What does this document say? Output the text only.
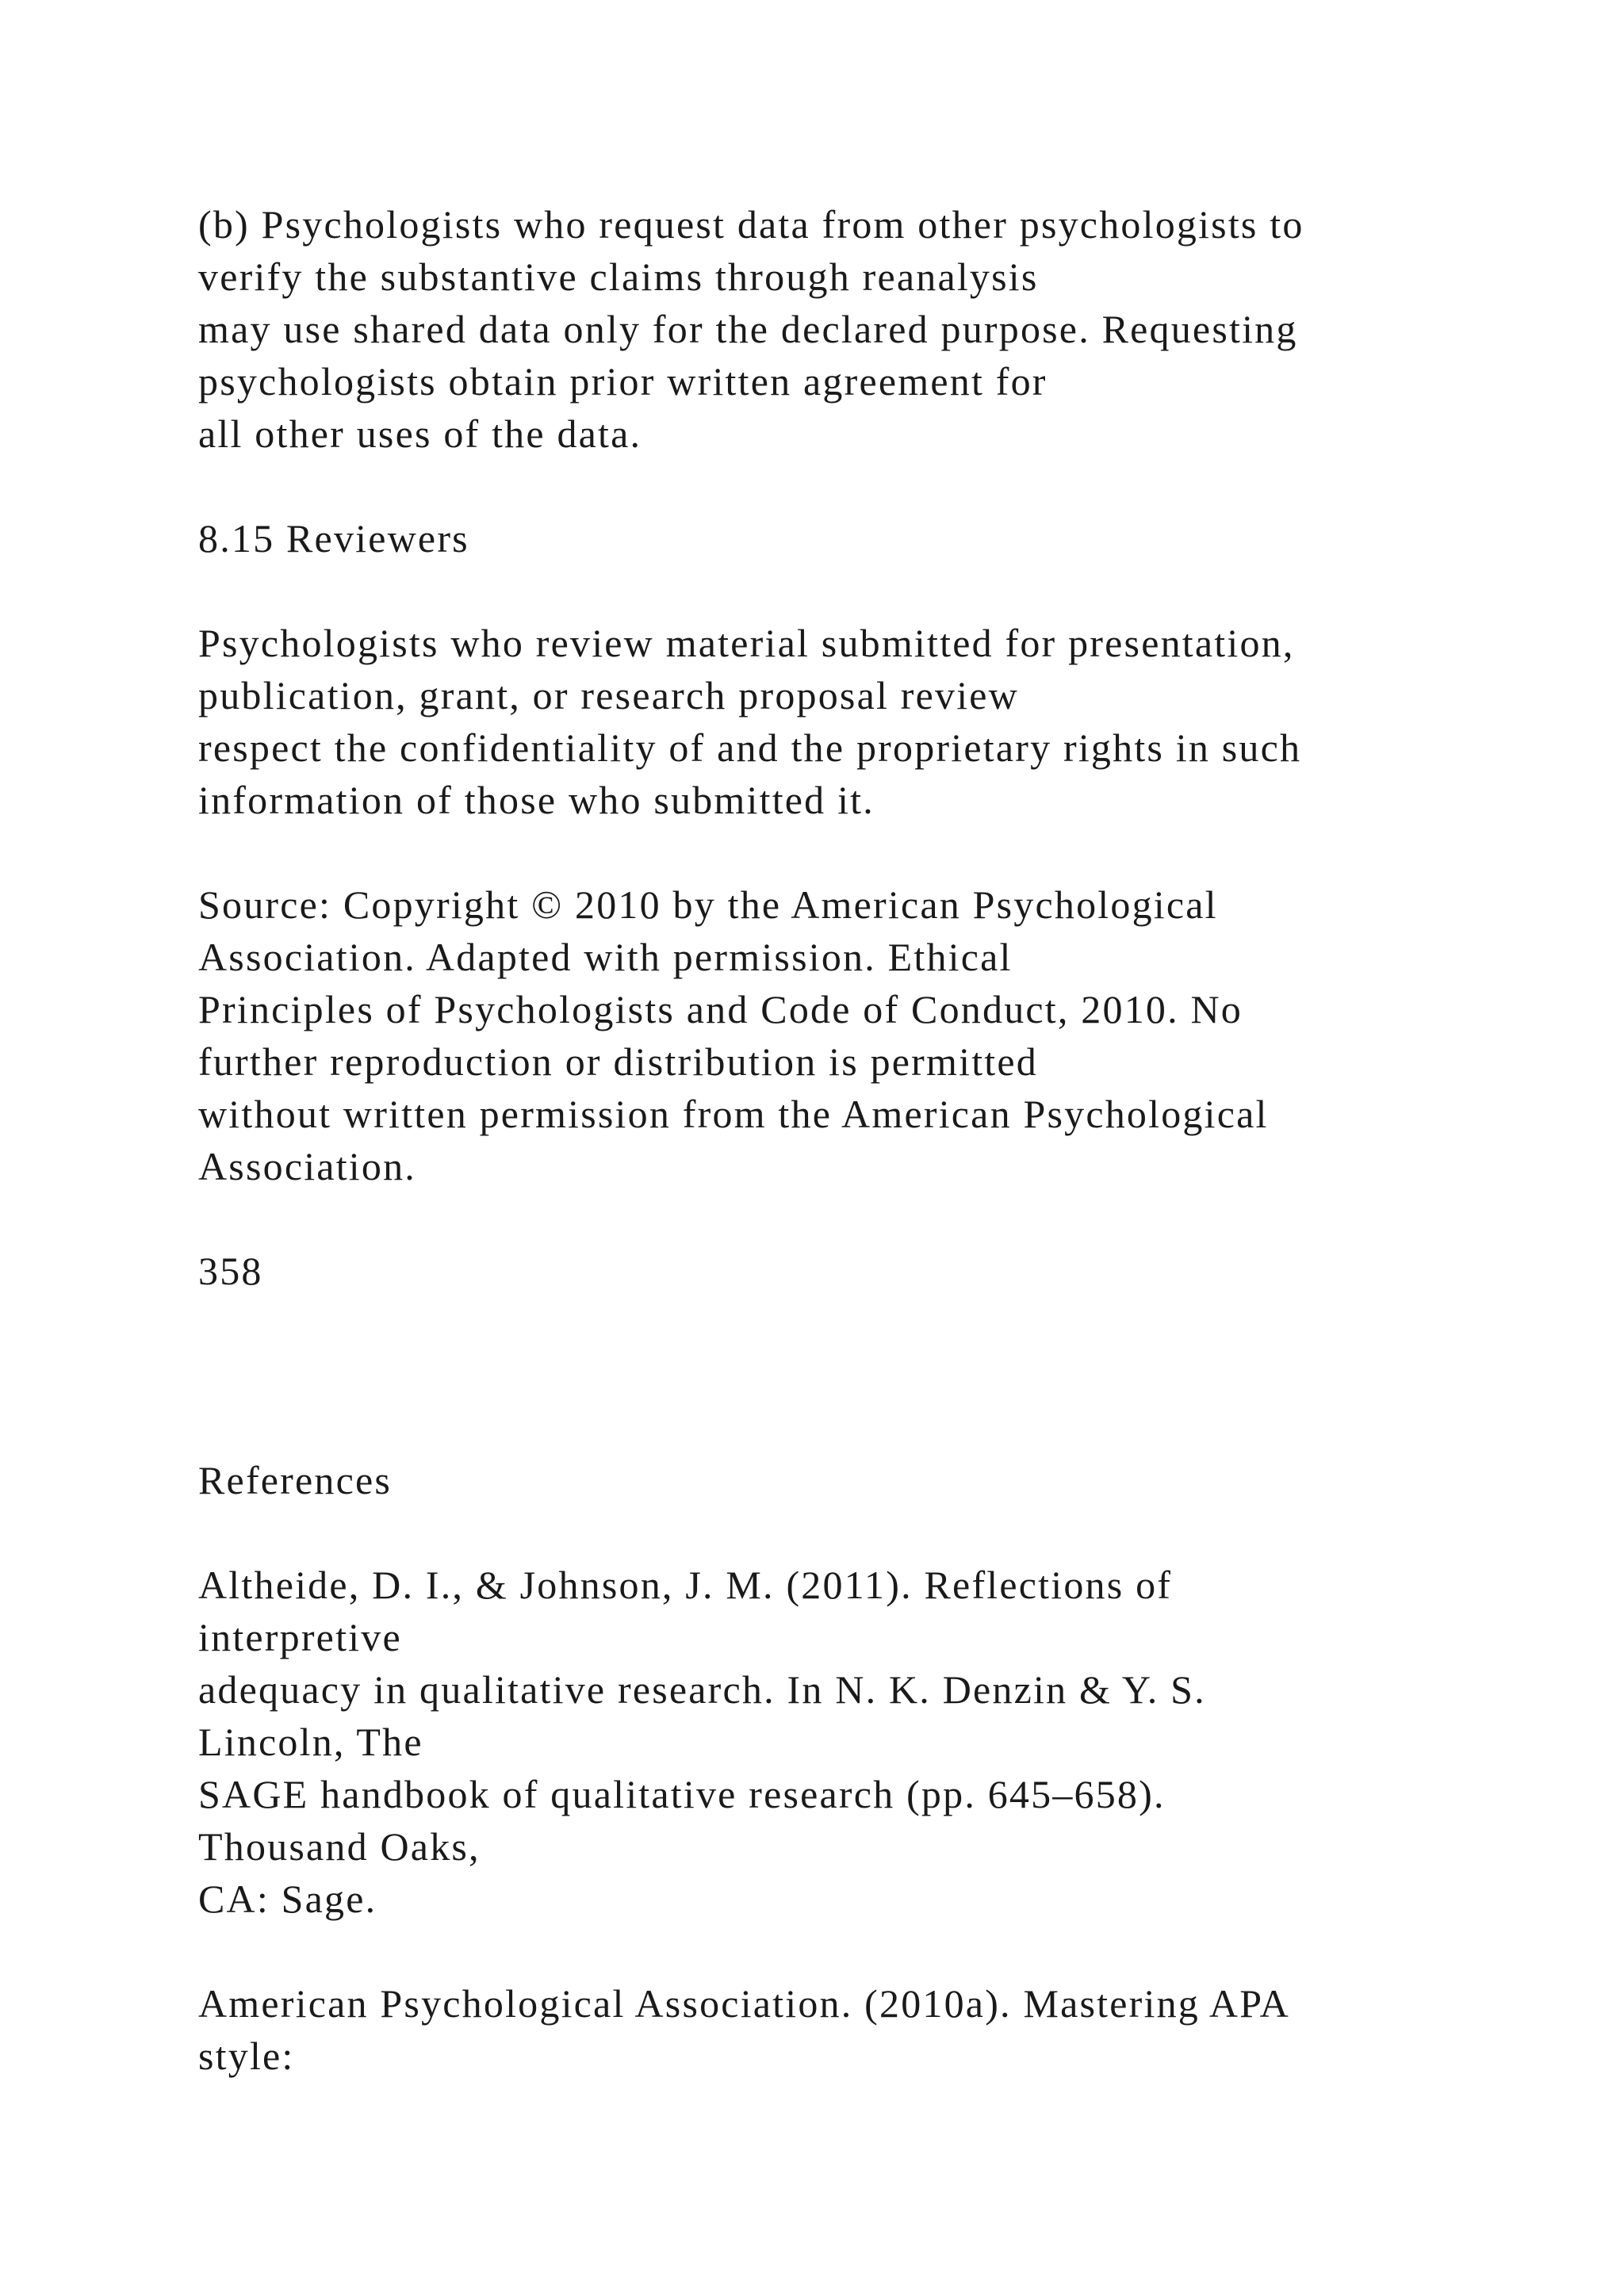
(b) Psychologists who request data from other psychologists to

verify the substantive claims through reanalysis

may use shared data only for the declared purpose. Requesting

psychologists obtain prior written agreement for

all other uses of the data.

8.15 Reviewers

Psychologists who review material submitted for presentation,

publication, grant, or research proposal review

respect the confidentiality of and the proprietary rights in such

information of those who submitted it.

Source: Copyright © 2010 by the American Psychological

Association. Adapted with permission. Ethical

Principles of Psychologists and Code of Conduct, 2010. No

further reproduction or distribution is permitted

without written permission from the American Psychological

Association.

358

References

Altheide, D. I., & Johnson, J. M. (2011). Reflections of

interpretive

adequacy in qualitative research. In N. K. Denzin & Y. S.

Lincoln, The

SAGE handbook of qualitative research (pp. 645–658).

Thousand Oaks,

CA: Sage.

American Psychological Association. (2010a). Mastering APA

style:
